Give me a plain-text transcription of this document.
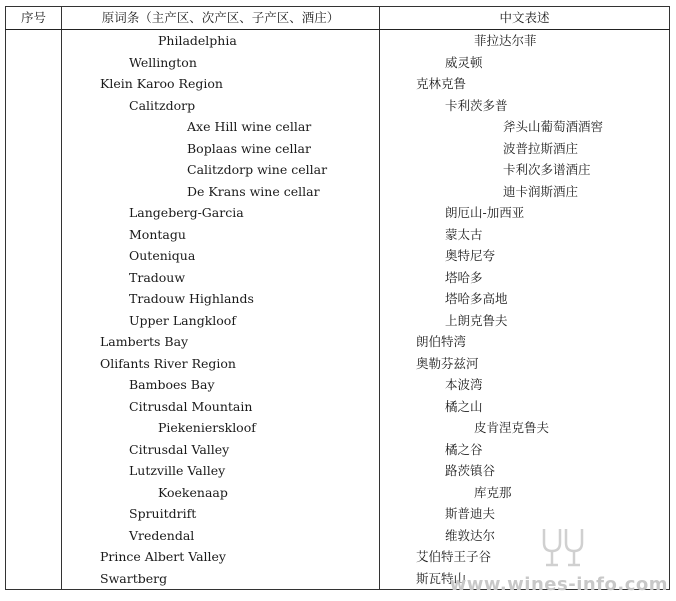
序号	原词条（主产区、次产区、子产区、酒庄）	中文表述
	Philadelphia	菲拉达尔菲

	Wellington	威灵顿

	Klein Karoo Region	克林克鲁

	Calitzdorp	卡利茨多普

	Axe Hill wine cellar	斧头山葡萄酒酒窖

	Boplaas wine cellar	波普拉斯酒庄

	Calitzdorp wine cellar	卡利次多谱酒庄

	De Krans wine cellar	迪卡润斯酒庄

	Langeberg-Garcia	朗厄山-加西亚

	Montagu	蒙太古

	Outeniqua	奥特尼夸

	Tradouw	塔哈多

	Tradouw Highlands	塔哈多高地

	Upper Langkloof	上朗克鲁夫

	Lamberts Bay	朗伯特湾

	Olifants River Region	奥勒芬兹河

	Bamboes Bay	本波湾

	Citrusdal Mountain	橘之山

	Piekenierskloof	皮肯涅克鲁夫

	Citrusdal Valley	橘之谷

	Lutzville Valley	路茨镇谷

	Koekenaap	库克那

	Spruitdrift	斯普迪夫

	Vredendal	维敦达尔

	Prince Albert Valley	艾伯特王子谷

	Swartberg	斯瓦特山
www.wines-info.com
